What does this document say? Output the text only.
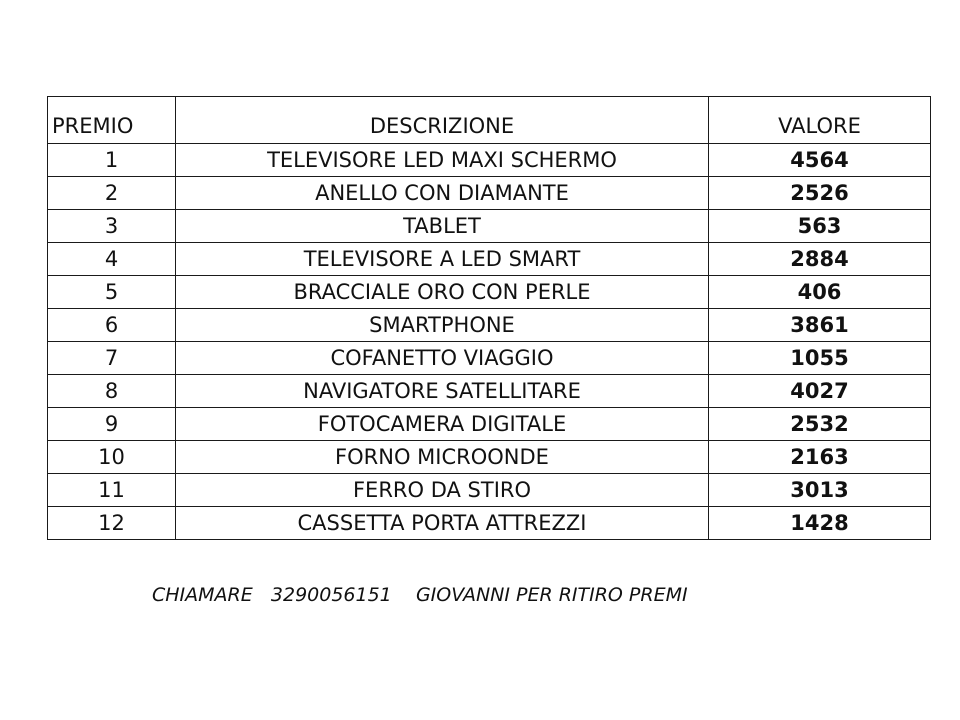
PREMIO	DESCRIZIONE	VALORE
1	TELEVISORE LED MAXI SCHERMO	4564
2	ANELLO CON DIAMANTE	2526
3	TABLET	563
4	TELEVISORE A LED SMART	2884
5	BRACCIALE ORO CON PERLE	406
6	SMARTPHONE	3861
7	COFANETTO VIAGGIO	1055
8	NAVIGATORE SATELLITARE	4027
9	FOTOCAMERA DIGITALE	2532
10	FORNO MICROONDE	2163
11	FERRO DA STIRO	3013
12	CASSETTA PORTA ATTREZZI	1428
CHIAMARE 3290056151 GIOVANNI PER RITIRO PREMI
